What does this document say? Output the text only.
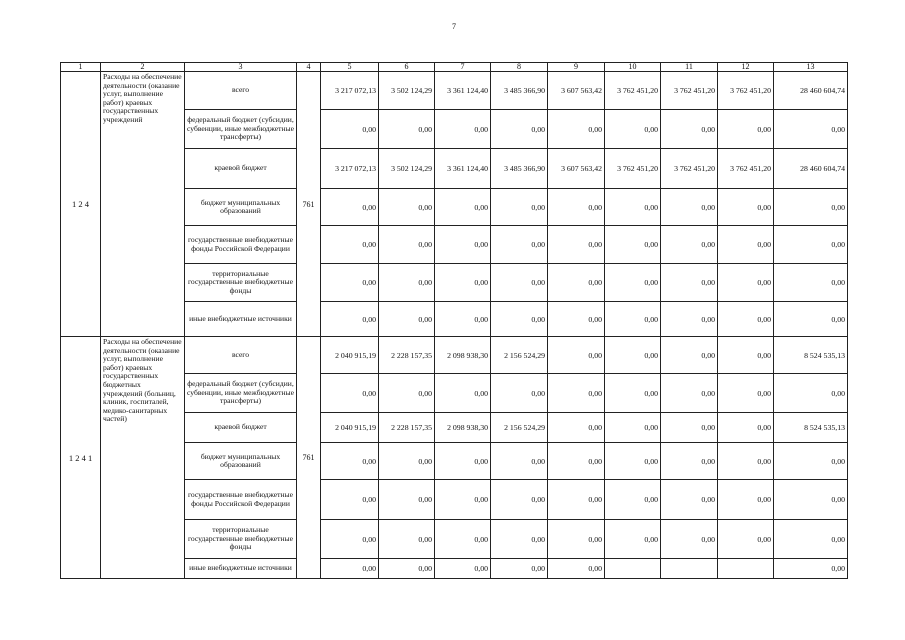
7
1	2	3	4	5	6	7	8	9	10	11	12	13
1 2 4	Расходы на обеспечение деятельности (оказание услуг, выполнение работ) краевых государственных учреждений	всего	761	3 217 072,13	3 502 124,29	3 361 124,40	3 485 366,90	3 607 563,42	3 762 451,20	3 762 451,20	3 762 451,20	28 460 604,74
		федеральный бюджет (субсидии, субвенции, иные межбюджетные трансферты)		0,00	0,00	0,00	0,00	0,00	0,00	0,00	0,00	0,00
		краевой бюджет		3 217 072,13	3 502 124,29	3 361 124,40	3 485 366,90	3 607 563,42	3 762 451,20	3 762 451,20	3 762 451,20	28 460 604,74
		бюджет муниципальных образований		0,00	0,00	0,00	0,00	0,00	0,00	0,00	0,00	0,00
		государственные внебюджетные фонды Российской Федерации		0,00	0,00	0,00	0,00	0,00	0,00	0,00	0,00	0,00
		территориальные государственные внебюджетные фонды		0,00	0,00	0,00	0,00	0,00	0,00	0,00	0,00	0,00
		иные внебюджетные источники		0,00	0,00	0,00	0,00	0,00	0,00	0,00	0,00	0,00
1 2 4 1	Расходы на обеспечение деятельности (оказание услуг, выполнение работ) краевых государственных бюджетных учреждений (больниц, клиник, госпиталей, медико-санитарных частей)	всего	761	2 040 915,19	2 228 157,35	2 098 938,30	2 156 524,29	0,00	0,00	0,00	0,00	8 524 535,13
		федеральный бюджет (субсидии, субвенции, иные межбюджетные трансферты)		0,00	0,00	0,00	0,00	0,00	0,00	0,00	0,00	0,00
		краевой бюджет		2 040 915,19	2 228 157,35	2 098 938,30	2 156 524,29	0,00	0,00	0,00	0,00	8 524 535,13
		бюджет муниципальных образований		0,00	0,00	0,00	0,00	0,00	0,00	0,00	0,00	0,00
		государственные внебюджетные фонды Российской Федерации		0,00	0,00	0,00	0,00	0,00	0,00	0,00	0,00	0,00
		территориальные государственные внебюджетные фонды		0,00	0,00	0,00	0,00	0,00	0,00	0,00	0,00	0,00
		иные внебюджетные источники		0,00	0,00	0,00	0,00	0,00				0,00
